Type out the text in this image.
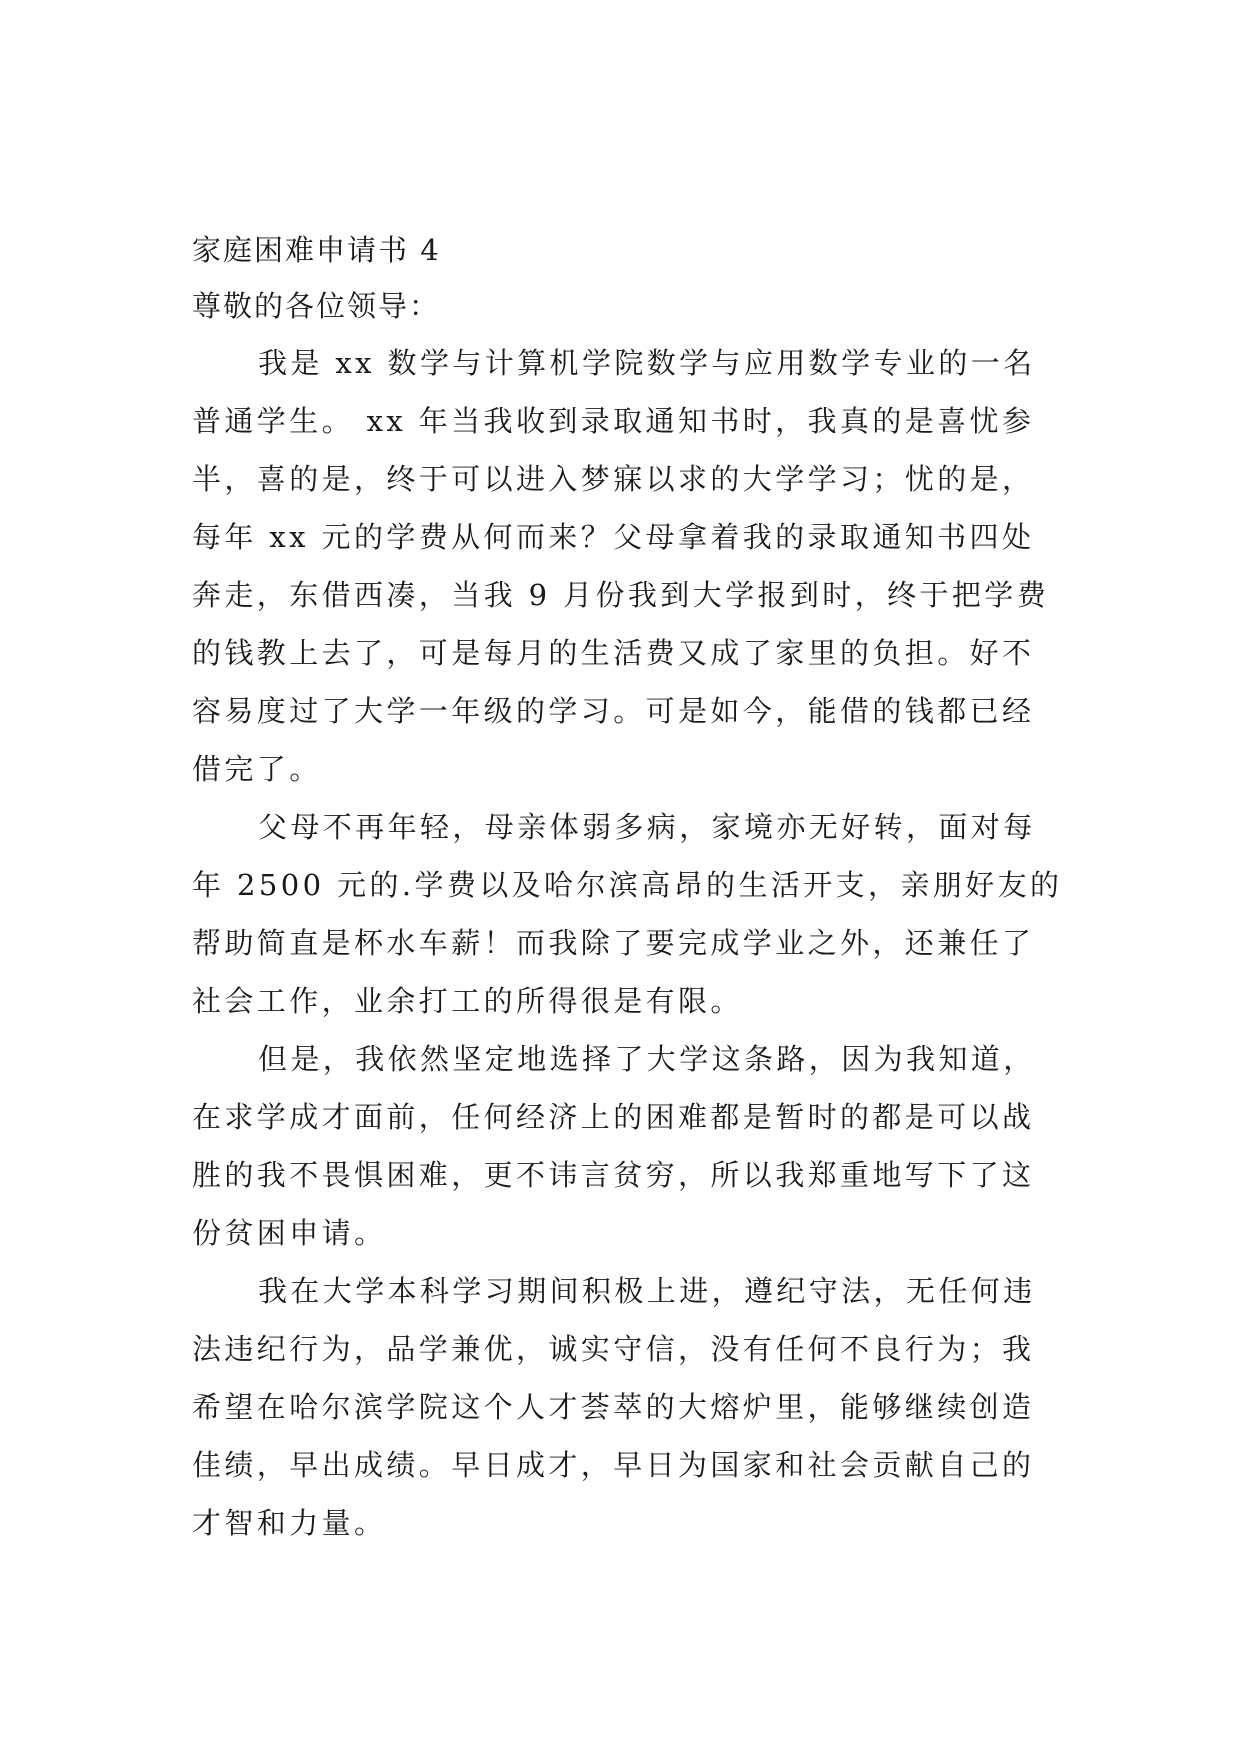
家庭困难申请书 4

尊敬的各位领导：

我是 xx 数学与计算机学院数学与应用数学专业的一名
普通学生。 xx 年当我收到录取通知书时，我真的是喜忧参
半，喜的是，终于可以进入梦寐以求的大学学习；忧的是，
每年 xx 元的学费从何而来？父母拿着我的录取通知书四处
奔走，东借西凑，当我 9 月份我到大学报到时，终于把学费
的钱教上去了，可是每月的生活费又成了家里的负担。好不
容易度过了大学一年级的学习。可是如今，能借的钱都已经
借完了。
父母不再年轻，母亲体弱多病，家境亦无好转，面对每
年 2500 元的.学费以及哈尔滨高昂的生活开支，亲朋好友的
帮助简直是杯水车薪！而我除了要完成学业之外，还兼任了
社会工作，业余打工的所得很是有限。
但是，我依然坚定地选择了大学这条路，因为我知道，
在求学成才面前，任何经济上的困难都是暂时的都是可以战
胜的我不畏惧困难，更不讳言贫穷，所以我郑重地写下了这
份贫困申请。
我在大学本科学习期间积极上进，遵纪守法，无任何违
法违纪行为，品学兼优，诚实守信，没有任何不良行为；我
希望在哈尔滨学院这个人才荟萃的大熔炉里，能够继续创造
佳绩，早出成绩。早日成才，早日为国家和社会贡献自己的
才智和力量。
